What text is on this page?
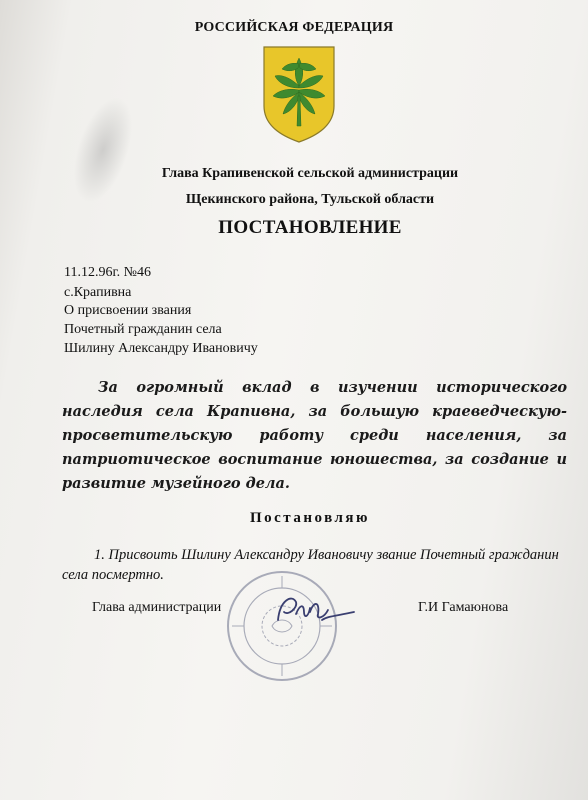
РОССИЙСКАЯ ФЕДЕРАЦИЯ
Глава Крапивенской сельской администрации
Щекинского района, Тульской области
ПОСТАНОВЛЕНИЕ
11.12.96г. №46
с.Крапивна
О присвоении звания
Почетный гражданин села
Шилину Александру Ивановичу
За огромный вклад в изучении исторического наследия села Крапивна, за большую краеведческую-просветительскую работу среди населения, за патриотическое воспитание юношества, за создание и развитие музейного дела.
Постановляю
1. Присвоить Шилину Александру Ивановичу звание Почетный гражданин села посмертно.
Глава администрации	Г.И Гамаюнова
